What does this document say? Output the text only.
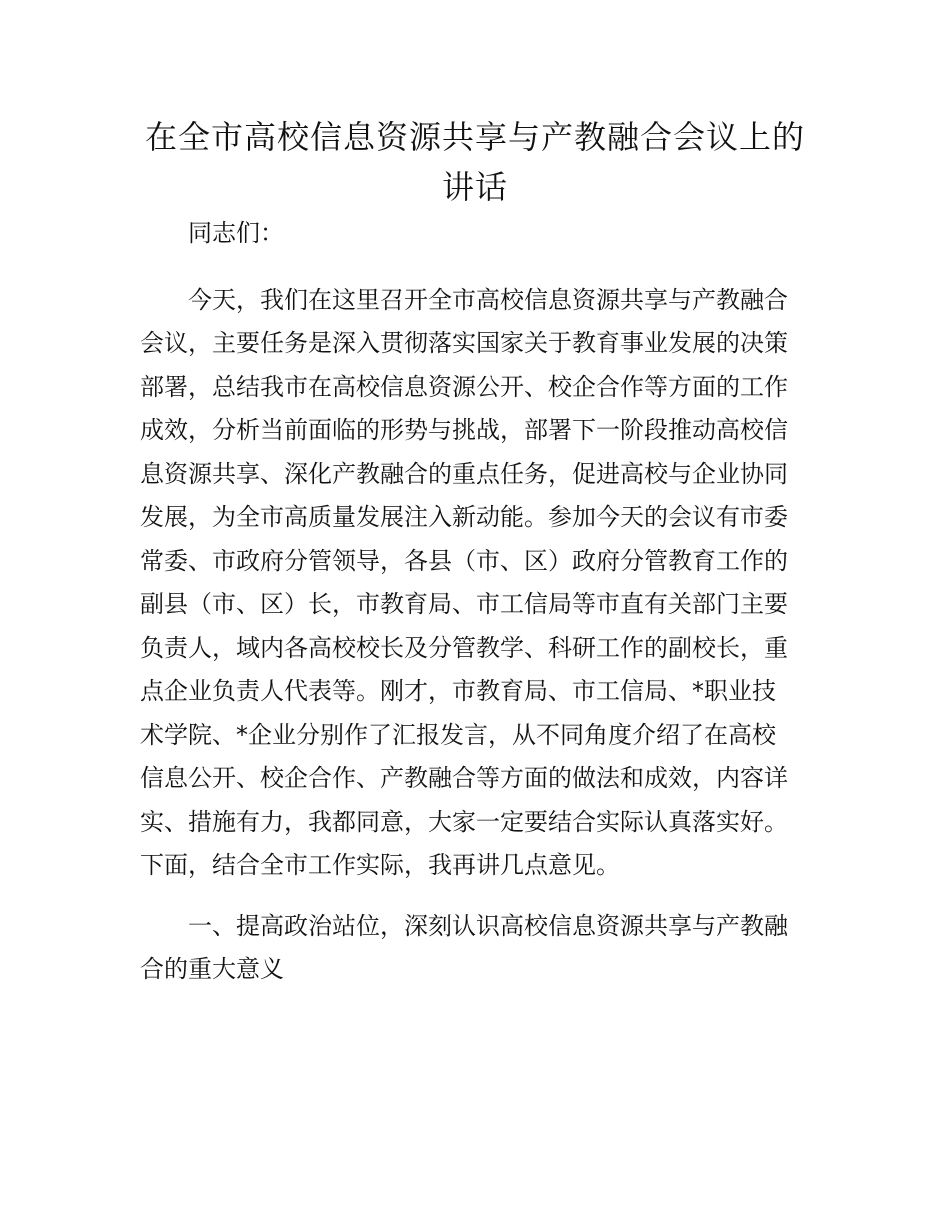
在全市高校信息资源共享与产教融合会议上的
讲话

同志们：

今天，我们在这里召开全市高校信息资源共享与产教融合
会议，主要任务是深入贯彻落实国家关于教育事业发展的决策
部署，总结我市在高校信息资源公开、校企合作等方面的工作
成效，分析当前面临的形势与挑战，部署下一阶段推动高校信
息资源共享、深化产教融合的重点任务，促进高校与企业协同
发展，为全市高质量发展注入新动能。参加今天的会议有市委
常委、市政府分管领导，各县（市、区）政府分管教育工作的
副县（市、区）长，市教育局、市工信局等市直有关部门主要
负责人，域内各高校校长及分管教学、科研工作的副校长，重
点企业负责人代表等。刚才，市教育局、市工信局、*职业技
术学院、*企业分别作了汇报发言，从不同角度介绍了在高校
信息公开、校企合作、产教融合等方面的做法和成效，内容详
实、措施有力，我都同意，大家一定要结合实际认真落实好。
下面，结合全市工作实际，我再讲几点意见。

一、提高政治站位，深刻认识高校信息资源共享与产教融
合的重大意义
